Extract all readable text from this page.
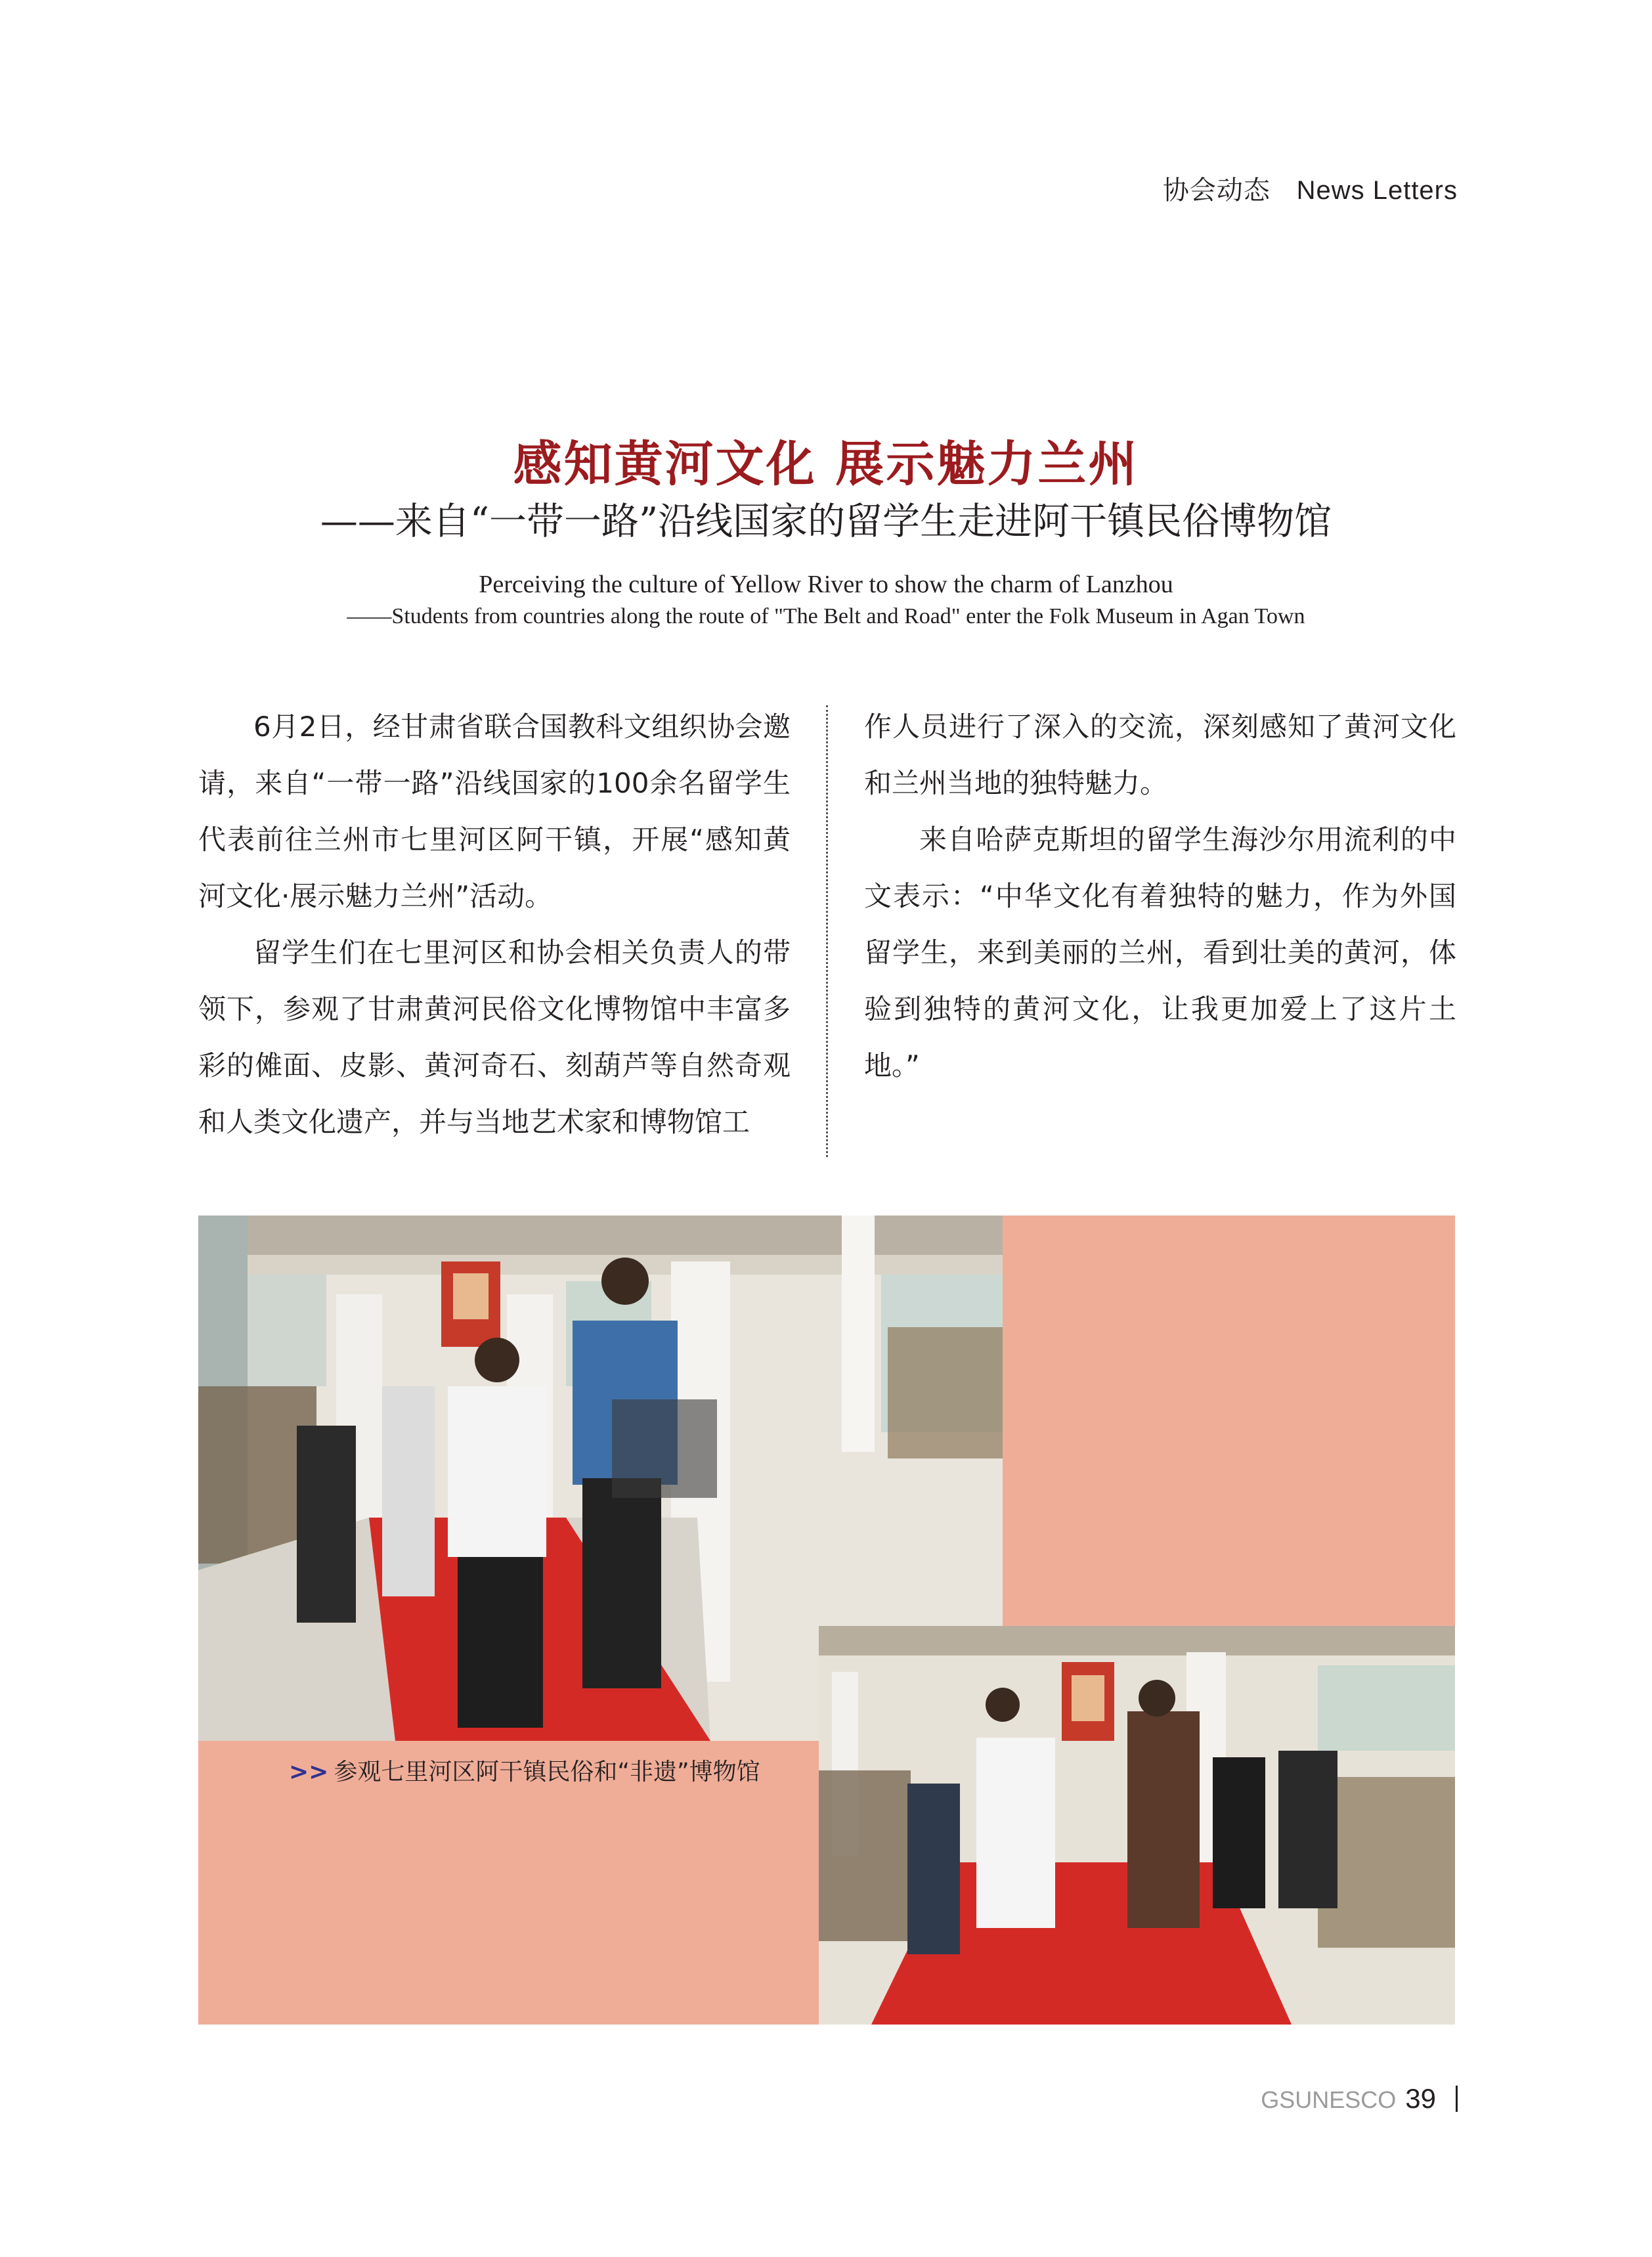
协会动态 News Letters
感知黄河文化 展示魅力兰州
——来自“一带一路”沿线国家的留学生走进阿干镇民俗博物馆
Perceiving the culture of Yellow River to show the charm of Lanzhou
——Students from countries along the route of "The Belt and Road" enter the Folk Museum in Agan Town

6月2日，经甘肃省联合国教科文组织协会邀请，来自“一带一路”沿线国家的100余名留学生代表前往兰州市七里河区阿干镇，开展“感知黄河文化·展示魅力兰州”活动。

留学生们在七里河区和协会相关负责人的带领下，参观了甘肃黄河民俗文化博物馆中丰富多彩的傩面、皮影、黄河奇石、刻葫芦等自然奇观和人类文化遗产，并与当地艺术家和博物馆工

作人员进行了深入的交流，深刻感知了黄河文化和兰州当地的独特魅力。

来自哈萨克斯坦的留学生海沙尔用流利的中文表示：“中华文化有着独特的魅力，作为外国留学生，来到美丽的兰州，看到壮美的黄河，体验到独特的黄河文化，让我更加爱上了这片土地。”

>> 参观七里河区阿干镇民俗和“非遗”博物馆
GSUNESCO 39
